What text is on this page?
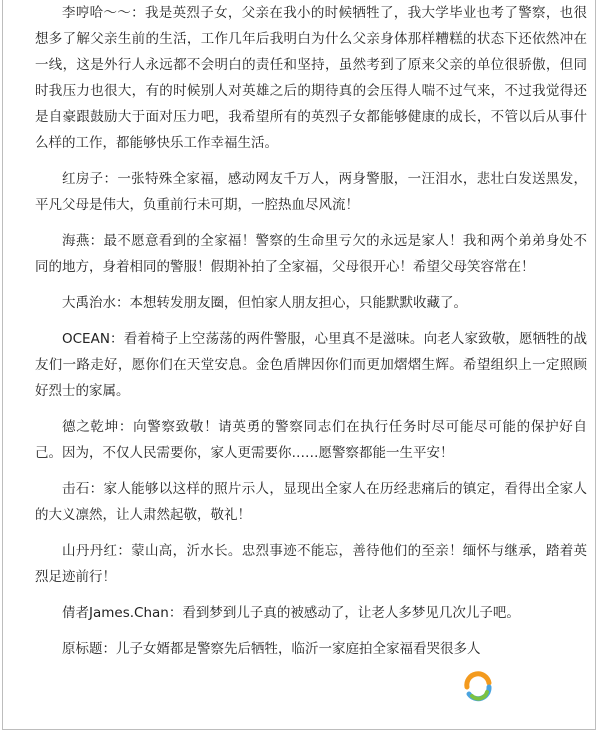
李哼哈～～：我是英烈子女，父亲在我小的时候牺牲了，我大学毕业也考了警察，也很想多了解父亲生前的生活，工作几年后我明白为什么父亲身体那样糟糕的状态下还依然冲在一线，这是外行人永远都不会明白的责任和坚持，虽然考到了原来父亲的单位很骄傲，但同时我压力也很大，有的时候别人对英雄之后的期待真的会压得人喘不过气来，不过我觉得还是自豪跟鼓励大于面对压力吧，我希望所有的英烈子女都能够健康的成长，不管以后从事什么样的工作，都能够快乐工作幸福生活。

红房子：一张特殊全家福，感动网友千万人，两身警服，一汪泪水，悲壮白发送黑发，平凡父母是伟大，负重前行未可期，一腔热血尽风流！

海燕：最不愿意看到的全家福！警察的生命里亏欠的永远是家人！我和两个弟弟身处不同的地方，身着相同的警服！假期补拍了全家福，父母很开心！希望父母笑容常在！

大禹治水：本想转发朋友圈，但怕家人朋友担心，只能默默收藏了。

OCEAN：看着椅子上空荡荡的两件警服，心里真不是滋味。向老人家致敬，愿牺牲的战友们一路走好，愿你们在天堂安息。金色盾牌因你们而更加熠熠生辉。希望组织上一定照顾好烈士的家属。

德之乾坤：向警察致敬！请英勇的警察同志们在执行任务时尽可能尽可能的保护好自己。因为，不仅人民需要你，家人更需要你……愿警察都能一生平安！

击石：家人能够以这样的照片示人，显现出全家人在历经悲痛后的镇定，看得出全家人的大义凛然，让人肃然起敬，敬礼！

山丹丹红：蒙山高，沂水长。忠烈事迹不能忘，善待他们的至亲！缅怀与继承，踏着英烈足迹前行！

倩者James.Chan：看到梦到儿子真的被感动了，让老人多梦见几次儿子吧。

原标题：儿子女婿都是警察先后牺牲，临沂一家庭拍全家福看哭很多人
